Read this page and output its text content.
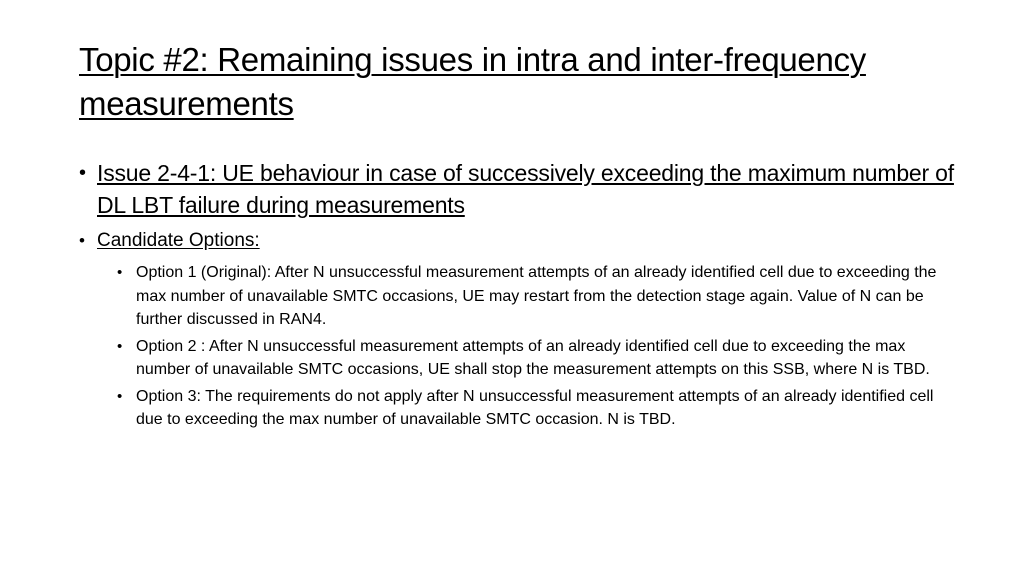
Topic #2: Remaining issues in intra and inter-frequency measurements
• Issue 2-4-1: UE behaviour in case of successively exceeding the maximum number of DL LBT failure during measurements
• Candidate Options:
• Option 1 (Original): After N unsuccessful measurement attempts of an already identified cell due to exceeding the max number of unavailable SMTC occasions, UE may restart from the detection stage again. Value of N can be further discussed in RAN4.
• Option 2 : After N unsuccessful measurement attempts of an already identified cell due to exceeding the max number of unavailable SMTC occasions, UE shall stop the measurement attempts on this SSB, where N is TBD.
• Option 3: The requirements do not apply after N unsuccessful measurement attempts of an already identified cell due to exceeding the max number of unavailable SMTC occasion. N is TBD.
